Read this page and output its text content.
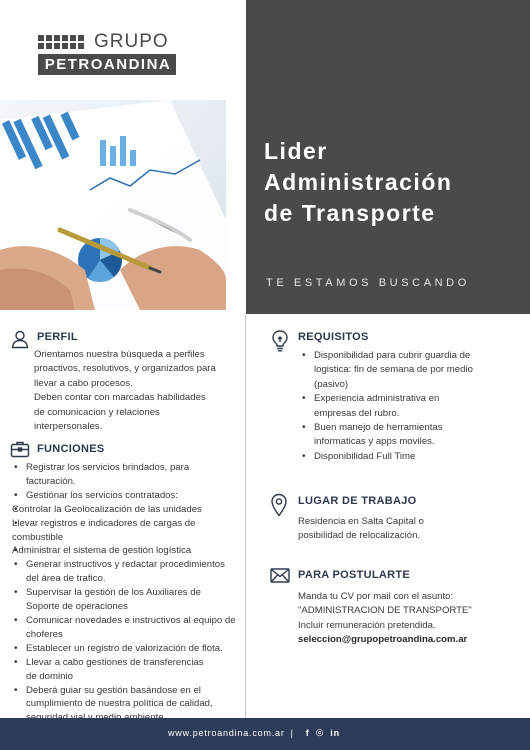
GRUPO
PETROANDINA
Lider
Administración
de Transporte
TE ESTAMOS BUSCANDO
PERFIL
Orientamos nuestra búsqueda a perfiles
proactivos, resolutivos, y organizados para
llevar a cabo procesos.
Deben contar con marcadas habilidades
de comunicacion y relaciones
interpersonales.
FUNCIONES
• Registrar los servicios brindados, para facturación.
• Gestiónar los servicios contratados:
• Controlar la Geolocalización de las unidades
• Llevar registros e indicadores de cargas de combustible
• Administrar el sistema de gestión logística
• Generar instructivos y redactar procedimientos del área de trafico.
• Supervisar la gestión de los Auxiliares de Soporte de operaciones
• Comunicar novedades e instructivos al equipo de choferes
• Establecer un registro de valorización de flota.
• Llevar a cabo gestiones de transferencias de dominio
• Deberá guiar su gestión basándose en el cumplimiento de nuestra política de calidad,
REQUISITOS
• Disponibilidad para cubrir guardia de logistica: fin de semana de por medio (pasivo)
• Experiencia administrativa en empresas del rubro.
• Buen manejo de herramientas informaticas y apps moviles.
• Disponibilidad Full Time
LUGAR DE TRABAJO
Residencia en Salta Capital o
posibilidad de relocalización.
PARA POSTULARTE
Manda tu CV por mail con el asunto:
"ADMINISTRACION DE TRANSPORTE"
Incluir remuneración pretendida.
seleccion@grupopetroandina.com.ar
www.petroandina.com.ar | f ◎ in
